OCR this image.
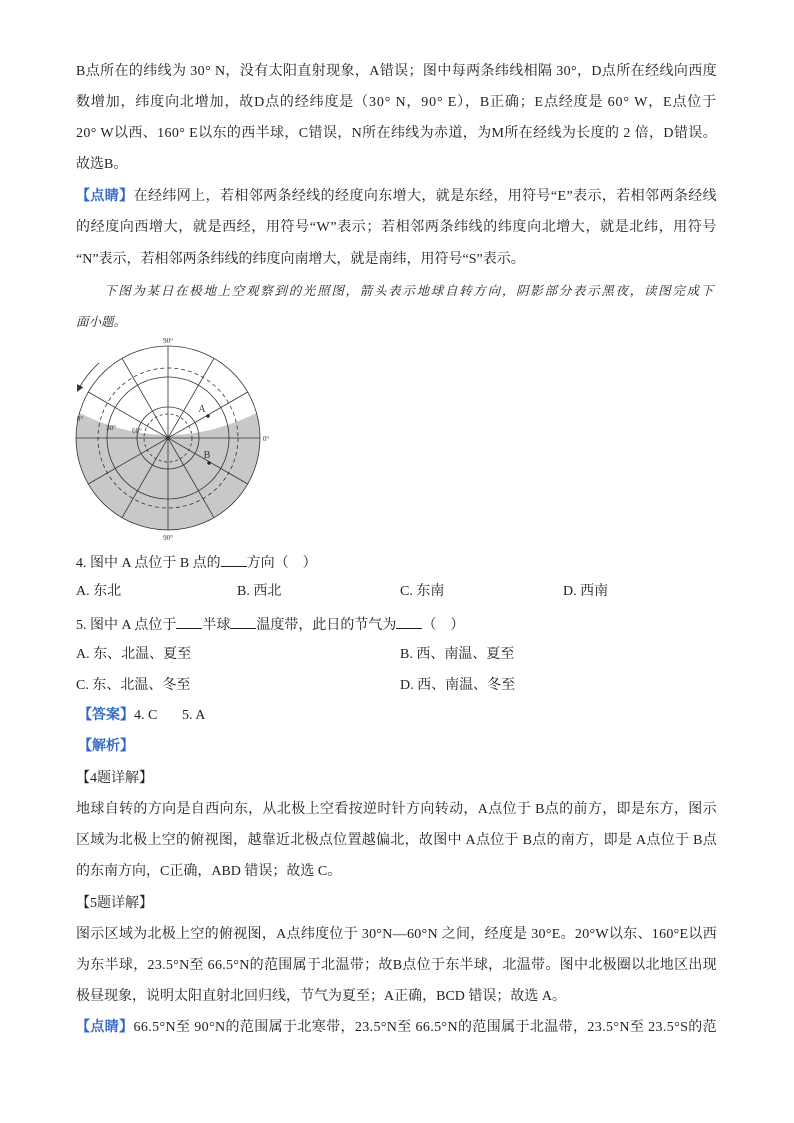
B点所在的纬线为 30° N，没有太阳直射现象，A错误；图中每两条纬线相隔 30°，D点所在经线向西度
数增加，纬度向北增加，故D点的经纬度是（30° N，90° E），B正确；E点经度是 60° W，E点位于
20° W以西、160° E以东的西半球，C错误，N所在纬线为赤道，为M所在经线为长度的 2 倍，D错误。
故选B。
【点睛】在经纬网上，若相邻两条经线的经度向东增大，就是东经，用符号“E”表示，若相邻两条经线
的经度向西增大，就是西经，用符号“W”表示；若相邻两条纬线的纬度向北增大，就是北纬，用符号
“N”表示，若相邻两条纬线的纬度向南增大，就是南纬，用符号“S”表示。
下图为某日在极地上空观察到的光照图，箭头表示地球自转方向，阴影部分表示黑夜，读图完成下
面小题。
90°
90°
0°
0°
30° 60°
A
B
4. 图中 A 点位于 B 点的 方向（    ）
A. 东北	B. 西北	C. 东南	D. 西南
5. 图中 A 点位于 半球 温度带，此日的节气为 （    ）
A. 东、北温、夏至	B. 西、南温、夏至
C. 东、北温、冬至	D. 西、南温、冬至
【答案】4. C 5. A
【解析】
【4题详解】
地球自转的方向是自西向东，从北极上空看按逆时针方向转动，A点位于 B点的前方，即是东方，图示
区域为北极上空的俯视图，越靠近北极点位置越偏北，故图中 A点位于 B点的南方，即是 A点位于 B点
的东南方向，C正确，ABD 错误；故选 C。
【5题详解】
图示区域为北极上空的俯视图，A点纬度位于 30°N—60°N 之间，经度是 30°E。20°W以东、160°E以西
为东半球，23.5°N至 66.5°N的范围属于北温带；故B点位于东半球，北温带。图中北极圈以北地区出现
极昼现象，说明太阳直射北回归线，节气为夏至；A正确，BCD 错误；故选 A。
【点睛】66.5°N至 90°N的范围属于北寒带，23.5°N至 66.5°N的范围属于北温带，23.5°N至 23.5°S的范
